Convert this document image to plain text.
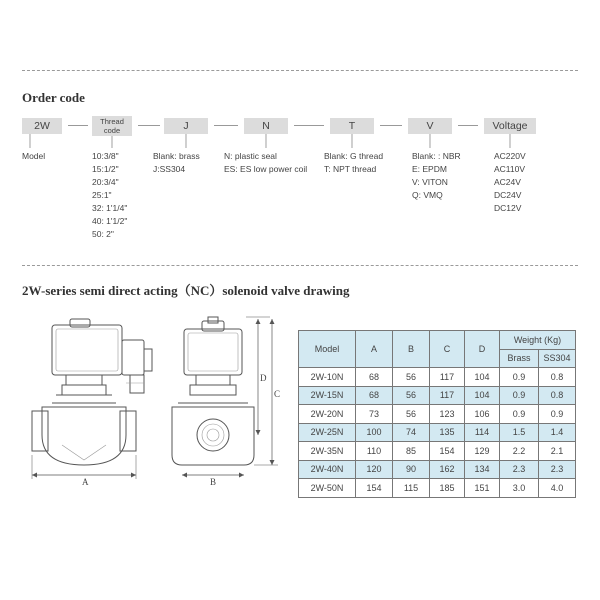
Order code
2W	Thread
code	J	N	T	V	Voltage
Model	10:3/8"
15:1/2"
20:3/4"
25:1"
32: 1'1/4"
40: 1'1/2"
50: 2"
Blank: brass
J:SS304
N: plastic seal
ES: ES low power coil
Blank: G thread
T: NPT thread
Blank: : NBR
E: EPDM
V: VITON
Q: VMQ
AC220V
AC110V
AC24V
DC24V
DC12V
2W-series semi direct acting（NC）solenoid valve drawing
A	B
D
C
Model	A	B	C	D	Weight (Kg)	
					Brass	SS304
2W-10N	68	56	117	104	0.9	0.8
2W-15N	68	56	117	104	0.9	0.8
2W-20N	73	56	123	106	0.9	0.9
2W-25N	100	74	135	114	1.5	1.4
2W-35N	110	85	154	129	2.2	2.1
2W-40N	120	90	162	134	2.3	2.3
2W-50N	154	115	185	151	3.0	4.0
